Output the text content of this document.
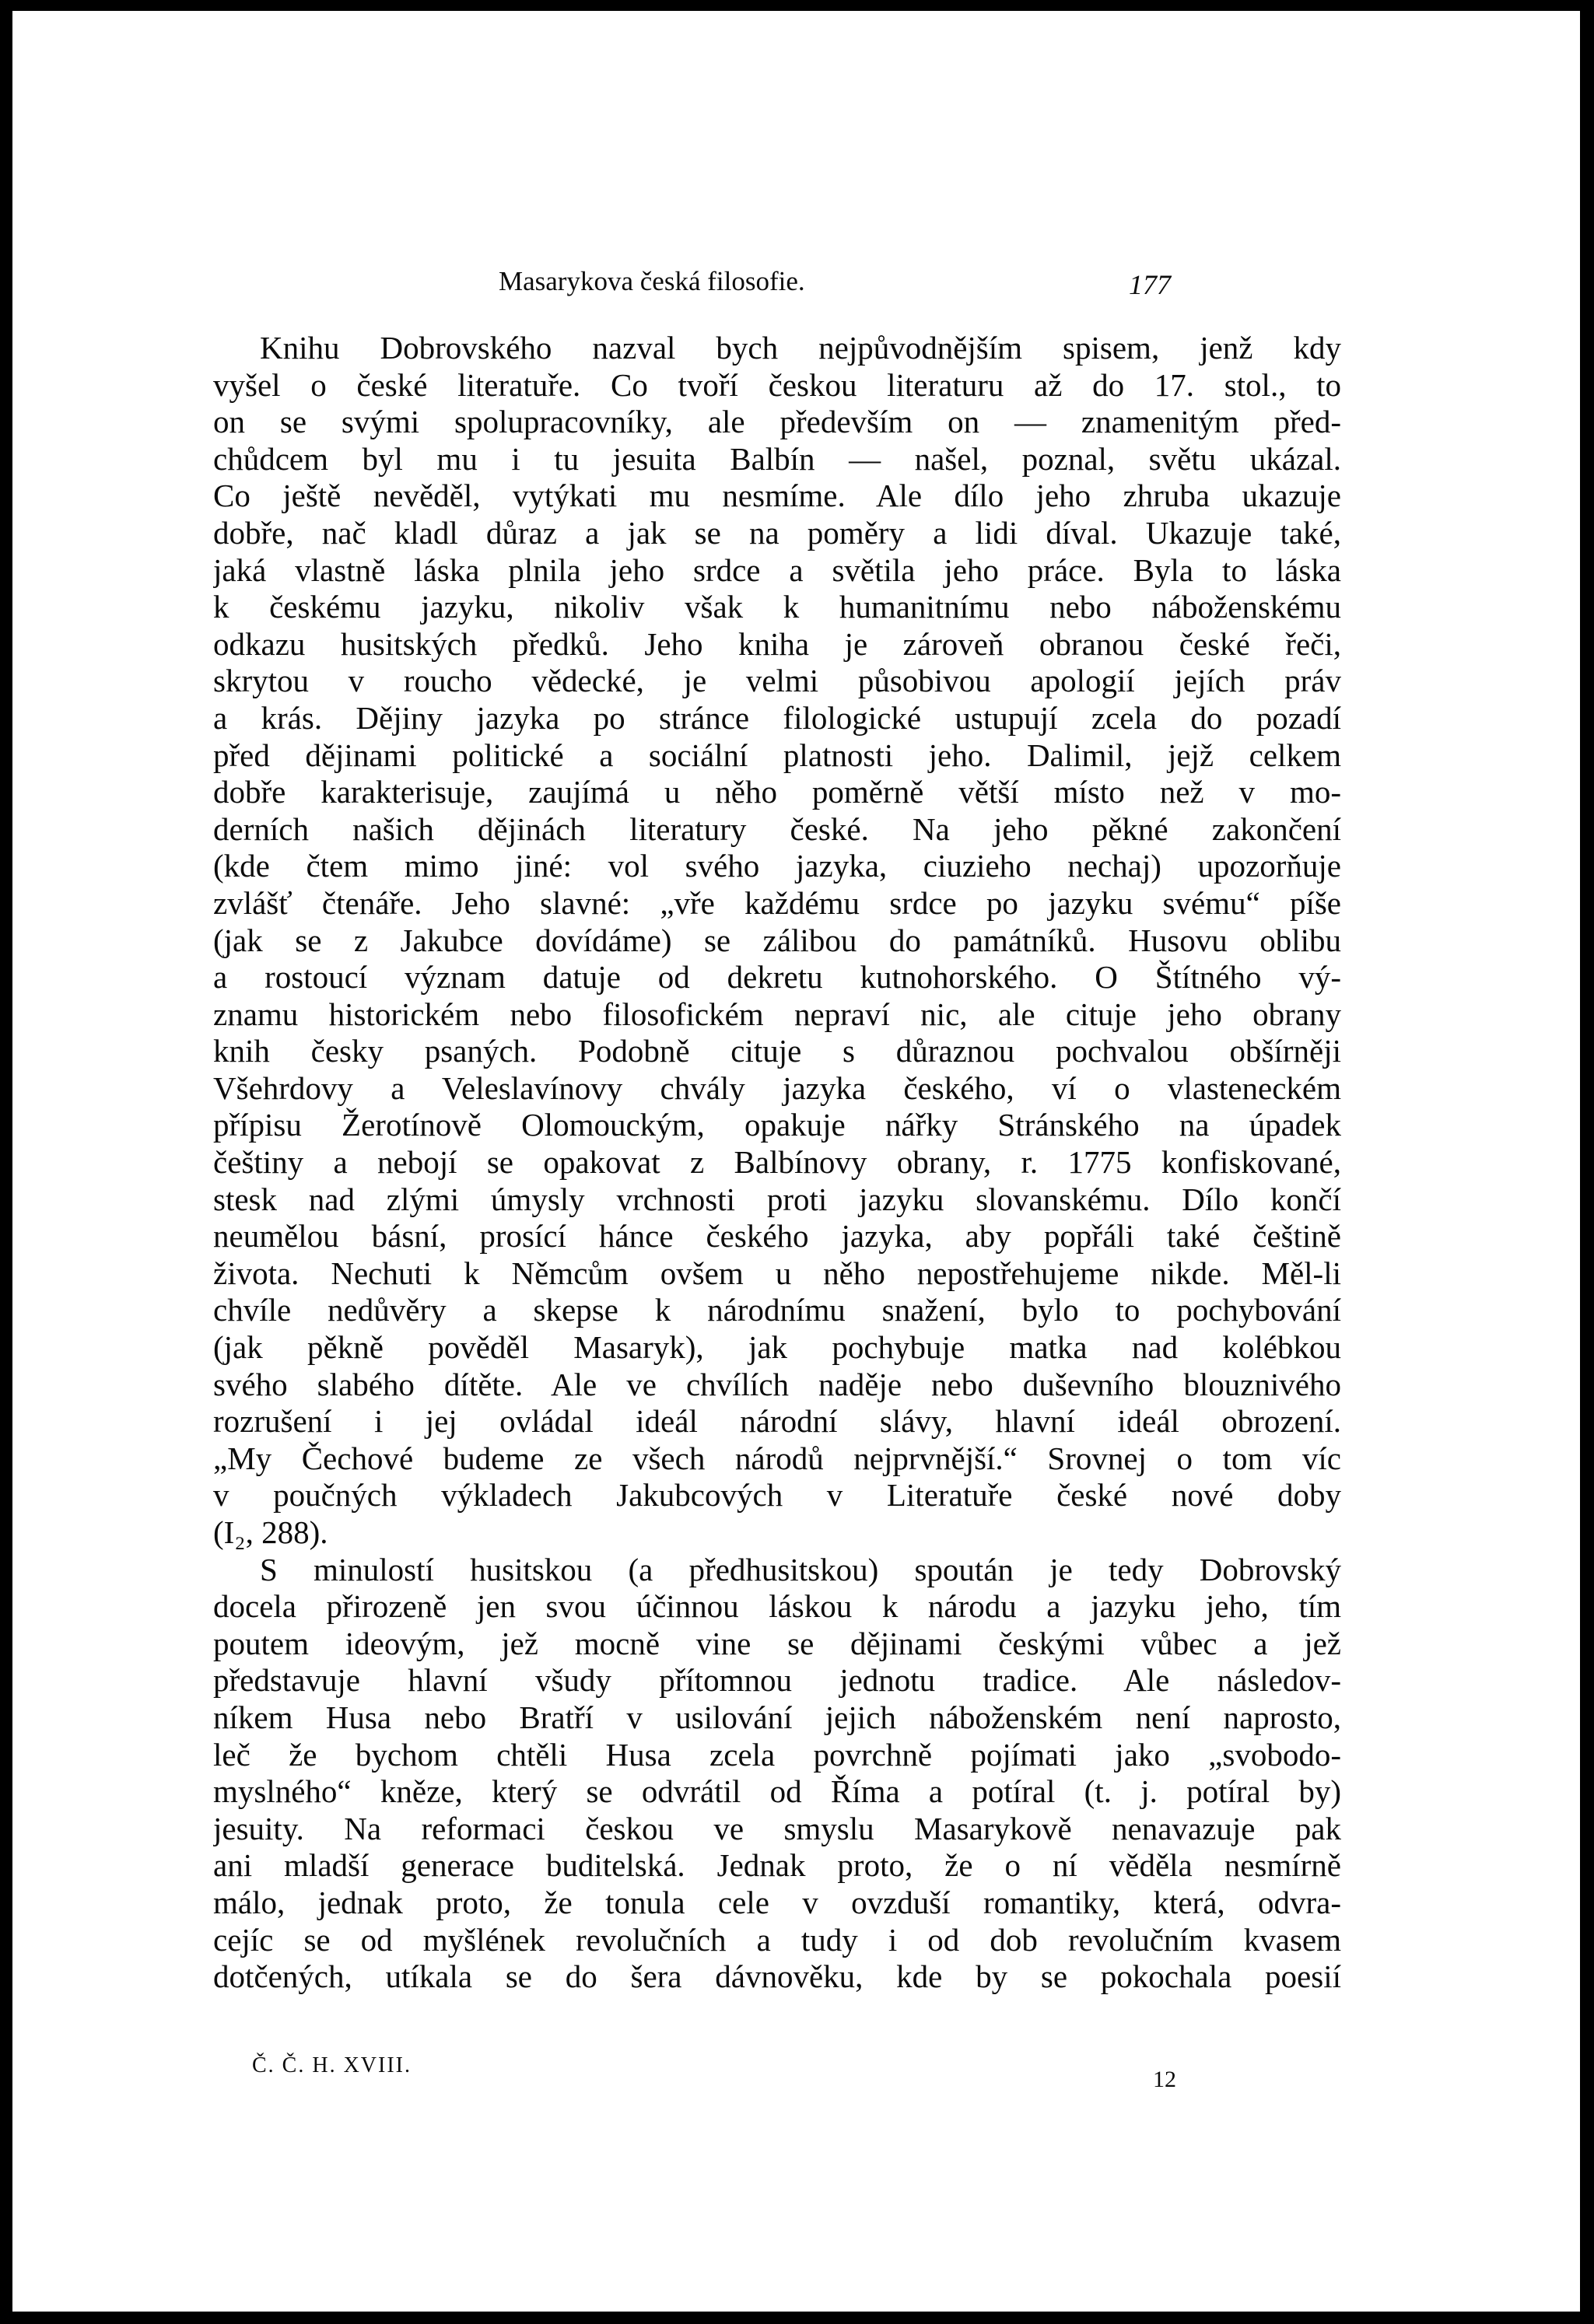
Masarykova česká filosofie.	177
Knihu Dobrovského nazval bych nejpůvodnějším spisem, jenž kdy
vyšel o české literatuře. Co tvoří českou literaturu až do 17. stol., to
on se svými spolupracovníky, ale především on — znamenitým před-
chůdcem byl mu i tu jesuita Balbín — našel, poznal, světu ukázal.
Co ještě nevěděl, vytýkati mu nesmíme. Ale dílo jeho zhruba ukazuje
dobře, nač kladl důraz a jak se na poměry a lidi díval. Ukazuje také,
jaká vlastně láska plnila jeho srdce a světila jeho práce. Byla to láska
k českému jazyku, nikoliv však k humanitnímu nebo náboženskému
odkazu husitských předků. Jeho kniha je zároveň obranou české řeči,
skrytou v roucho vědecké, je velmi působivou apologií jejích práv
a krás. Dějiny jazyka po stránce filologické ustupují zcela do pozadí
před dějinami politické a sociální platnosti jeho. Dalimil, jejž celkem
dobře karakterisuje, zaujímá u něho poměrně větší místo než v mo-
derních našich dějinách literatury české. Na jeho pěkné zakončení
(kde čtem mimo jiné: vol svého jazyka, ciuzieho nechaj) upozorňuje
zvlášť čtenáře. Jeho slavné: „vře každému srdce po jazyku svému“ píše
(jak se z Jakubce dovídáme) se zálibou do památníků. Husovu oblibu
a rostoucí význam datuje od dekretu kutnohorského. O Štítného vý-
znamu historickém nebo filosofickém nepraví nic, ale cituje jeho obrany
knih česky psaných. Podobně cituje s důraznou pochvalou obšírněji
Všehrdovy a Veleslavínovy chvály jazyka českého, ví o vlasteneckém
přípisu Žerotínově Olomouckým, opakuje nářky Stránského na úpadek
češtiny a nebojí se opakovat z Balbínovy obrany, r. 1775 konfiskované,
stesk nad zlými úmysly vrchnosti proti jazyku slovanskému. Dílo končí
neumělou básní, prosící hánce českého jazyka, aby popřáli také češtině
života. Nechuti k Němcům ovšem u něho nepostřehujeme nikde. Měl-li
chvíle nedůvěry a skepse k národnímu snažení, bylo to pochybování
(jak pěkně pověděl Masaryk), jak pochybuje matka nad kolébkou
svého slabého dítěte. Ale ve chvílích naděje nebo duševního blouznivého
rozrušení i jej ovládal ideál národní slávy, hlavní ideál obrození.
„My Čechové budeme ze všech národů nejprvnější.“ Srovnej o tom víc
v poučných výkladech Jakubcových v Literatuře české nové doby
(I₂, 288).
S minulostí husitskou (a předhusitskou) spoután je tedy Dobrovský
docela přirozeně jen svou účinnou láskou k národu a jazyku jeho, tím
poutem ideovým, jež mocně vine se dějinami českými vůbec a jež
představuje hlavní všudy přítomnou jednotu tradice. Ale následov-
níkem Husa nebo Bratří v usilování jejich náboženském není naprosto,
leč že bychom chtěli Husa zcela povrchně pojímati jako „svobodo-
myslného“ kněze, který se odvrátil od Říma a potíral (t. j. potíral by)
jesuity. Na reformaci českou ve smyslu Masarykově nenavazuje pak
ani mladší generace buditelská. Jednak proto, že o ní věděla nesmírně
málo, jednak proto, že tonula cele v ovzduší romantiky, která, odvra-
cejíc se od myšlének revolučních a tudy i od dob revolučním kvasem
dotčených, utíkala se do šera dávnověku, kde by se pokochala poesií
Č. Č. H. XVIII.
12
